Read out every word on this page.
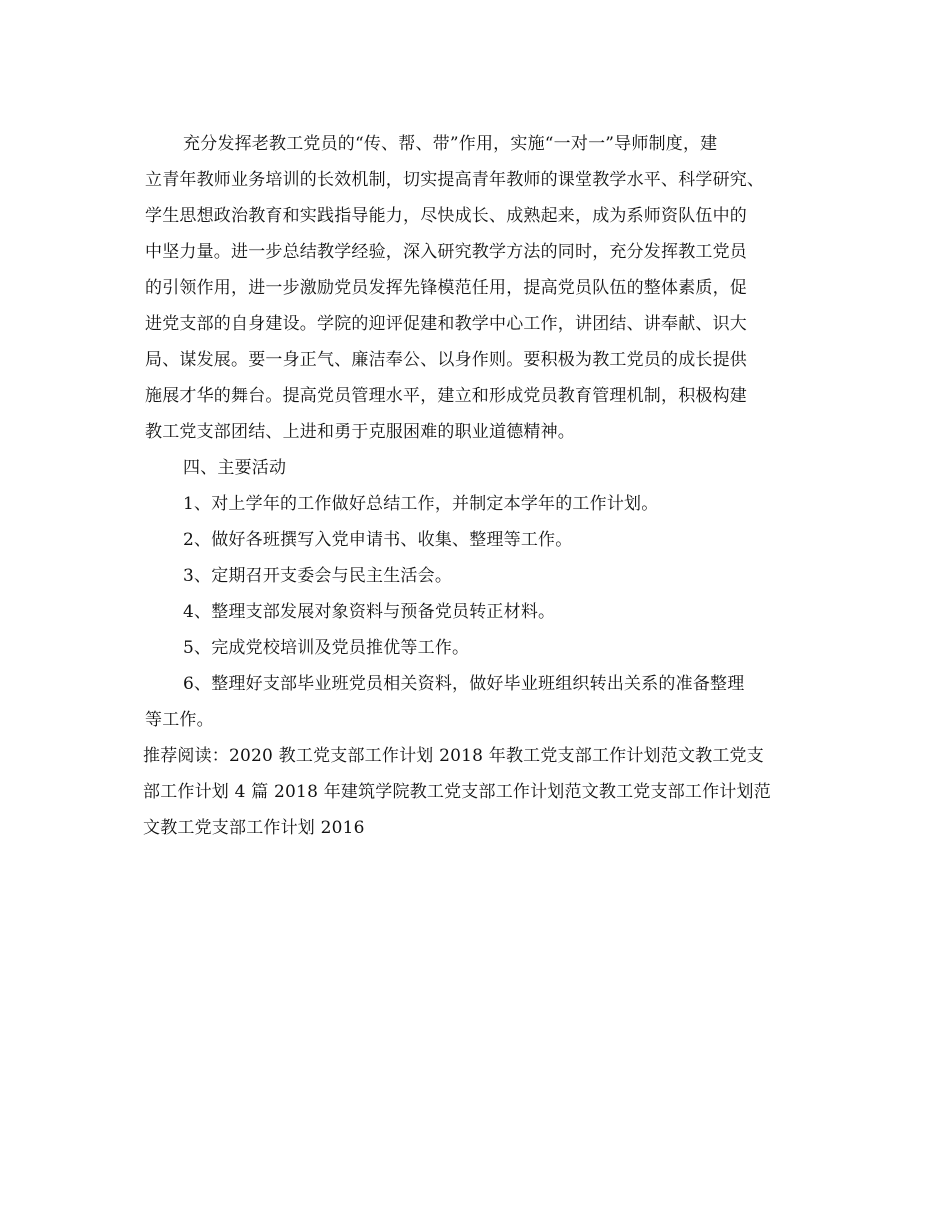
充分发挥老教工党员的“传、帮、带”作用，实施“一对一”导师制度，建
立青年教师业务培训的长效机制，切实提高青年教师的课堂教学水平、科学研究、
学生思想政治教育和实践指导能力，尽快成长、成熟起来，成为系师资队伍中的
中坚力量。进一步总结教学经验，深入研究教学方法的同时，充分发挥教工党员
的引领作用，进一步激励党员发挥先锋模范任用，提高党员队伍的整体素质，促
进党支部的自身建设。学院的迎评促建和教学中心工作，讲团结、讲奉献、识大
局、谋发展。要一身正气、廉洁奉公、以身作则。要积极为教工党员的成长提供
施展才华的舞台。提高党员管理水平，建立和形成党员教育管理机制，积极构建
教工党支部团结、上进和勇于克服困难的职业道德精神。
四、主要活动
1、对上学年的工作做好总结工作，并制定本学年的工作计划。
2、做好各班撰写入党申请书、收集、整理等工作。
3、定期召开支委会与民主生活会。
4、整理支部发展对象资料与预备党员转正材料。
5、完成党校培训及党员推优等工作。
6、整理好支部毕业班党员相关资料，做好毕业班组织转出关系的准备整理
等工作。
推荐阅读：2020 教工党支部工作计划 2018 年教工党支部工作计划范文教工党支
部工作计划 4 篇 2018 年建筑学院教工党支部工作计划范文教工党支部工作计划范
文教工党支部工作计划 2016
